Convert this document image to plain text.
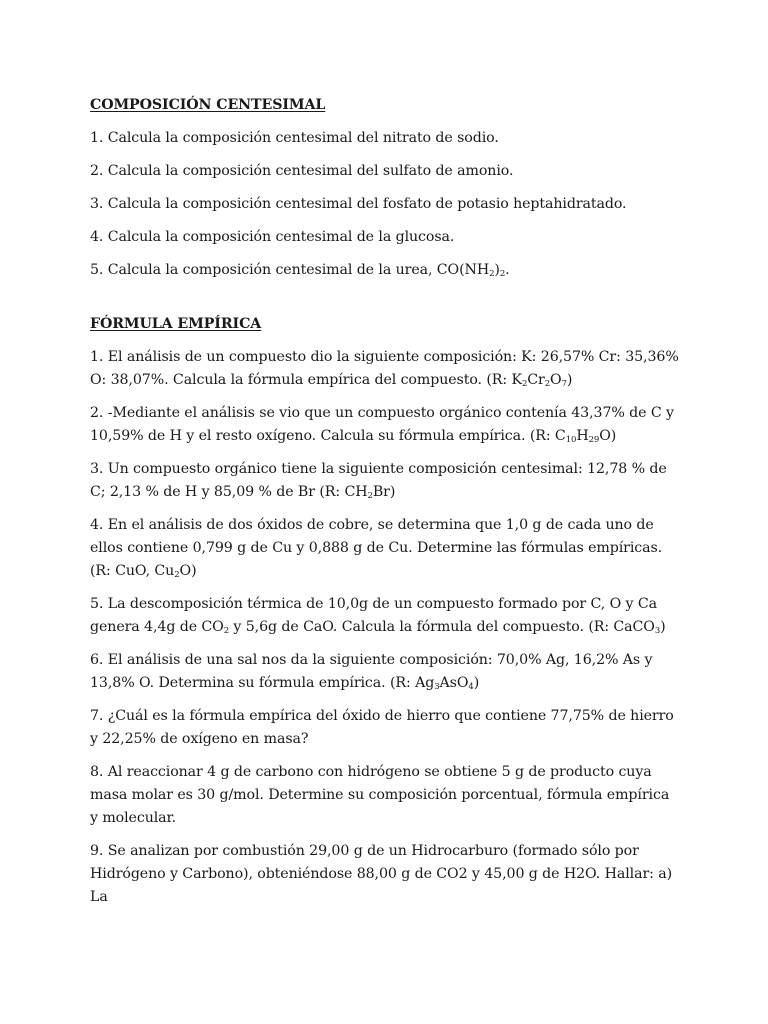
COMPOSICIÓN CENTESIMAL
1. Calcula la composición centesimal del nitrato de sodio.
2. Calcula la composición centesimal del sulfato de amonio.
3. Calcula la composición centesimal del fosfato de potasio heptahidratado.
4. Calcula la composición centesimal de la glucosa.
5. Calcula la composición centesimal de la urea, $CO(NH_2)_2$.
FÓRMULA EMPÍRICA
1. El análisis de un compuesto dio la siguiente composición: K: 26,57% Cr: 35,36% O: 38,07%. Calcula la fórmula empírica del compuesto. (R: $K_2Cr_2O_7$)
2. -Mediante el análisis se vio que un compuesto orgánico contenía 43,37% de C y 10,59% de H y el resto oxígeno. Calcula su fórmula empírica. (R: $C_{10}H_{29}O$)
3. Un compuesto orgánico tiene la siguiente composición centesimal: 12,78 % de C; 2,13 % de H y 85,09 % de Br (R: $CH_2Br$)
4. En el análisis de dos óxidos de cobre, se determina que 1,0 g de cada uno de ellos contiene 0,799 g de Cu y 0,888 g de Cu. Determine las fórmulas empíricas. (R: CuO, $Cu_2O$)
5. La descomposición térmica de 10,0g de un compuesto formado por C, O y Ca genera 4,4g de $CO_2$ y 5,6g de CaO. Calcula la fórmula del compuesto. (R: CaCO$_3$)
6. El análisis de una sal nos da la siguiente composición: 70,0% Ag, 16,2% As y 13,8% O. Determina su fórmula empírica. (R: $Ag_3AsO_4$)
7. ¿Cuál es la fórmula empírica del óxido de hierro que contiene 77,75% de hierro y 22,25% de oxígeno en masa?
8. Al reaccionar 4 g de carbono con hidrógeno se obtiene 5 g de producto cuya masa molar es 30 g/mol. Determine su composición porcentual, fórmula empírica y molecular.
9. Se analizan por combustión 29,00 g de un Hidrocarburo (formado sólo por Hidrógeno y Carbono), obteniéndose 88,00 g de CO2 y 45,00 g de H2O. Hallar: a) La
